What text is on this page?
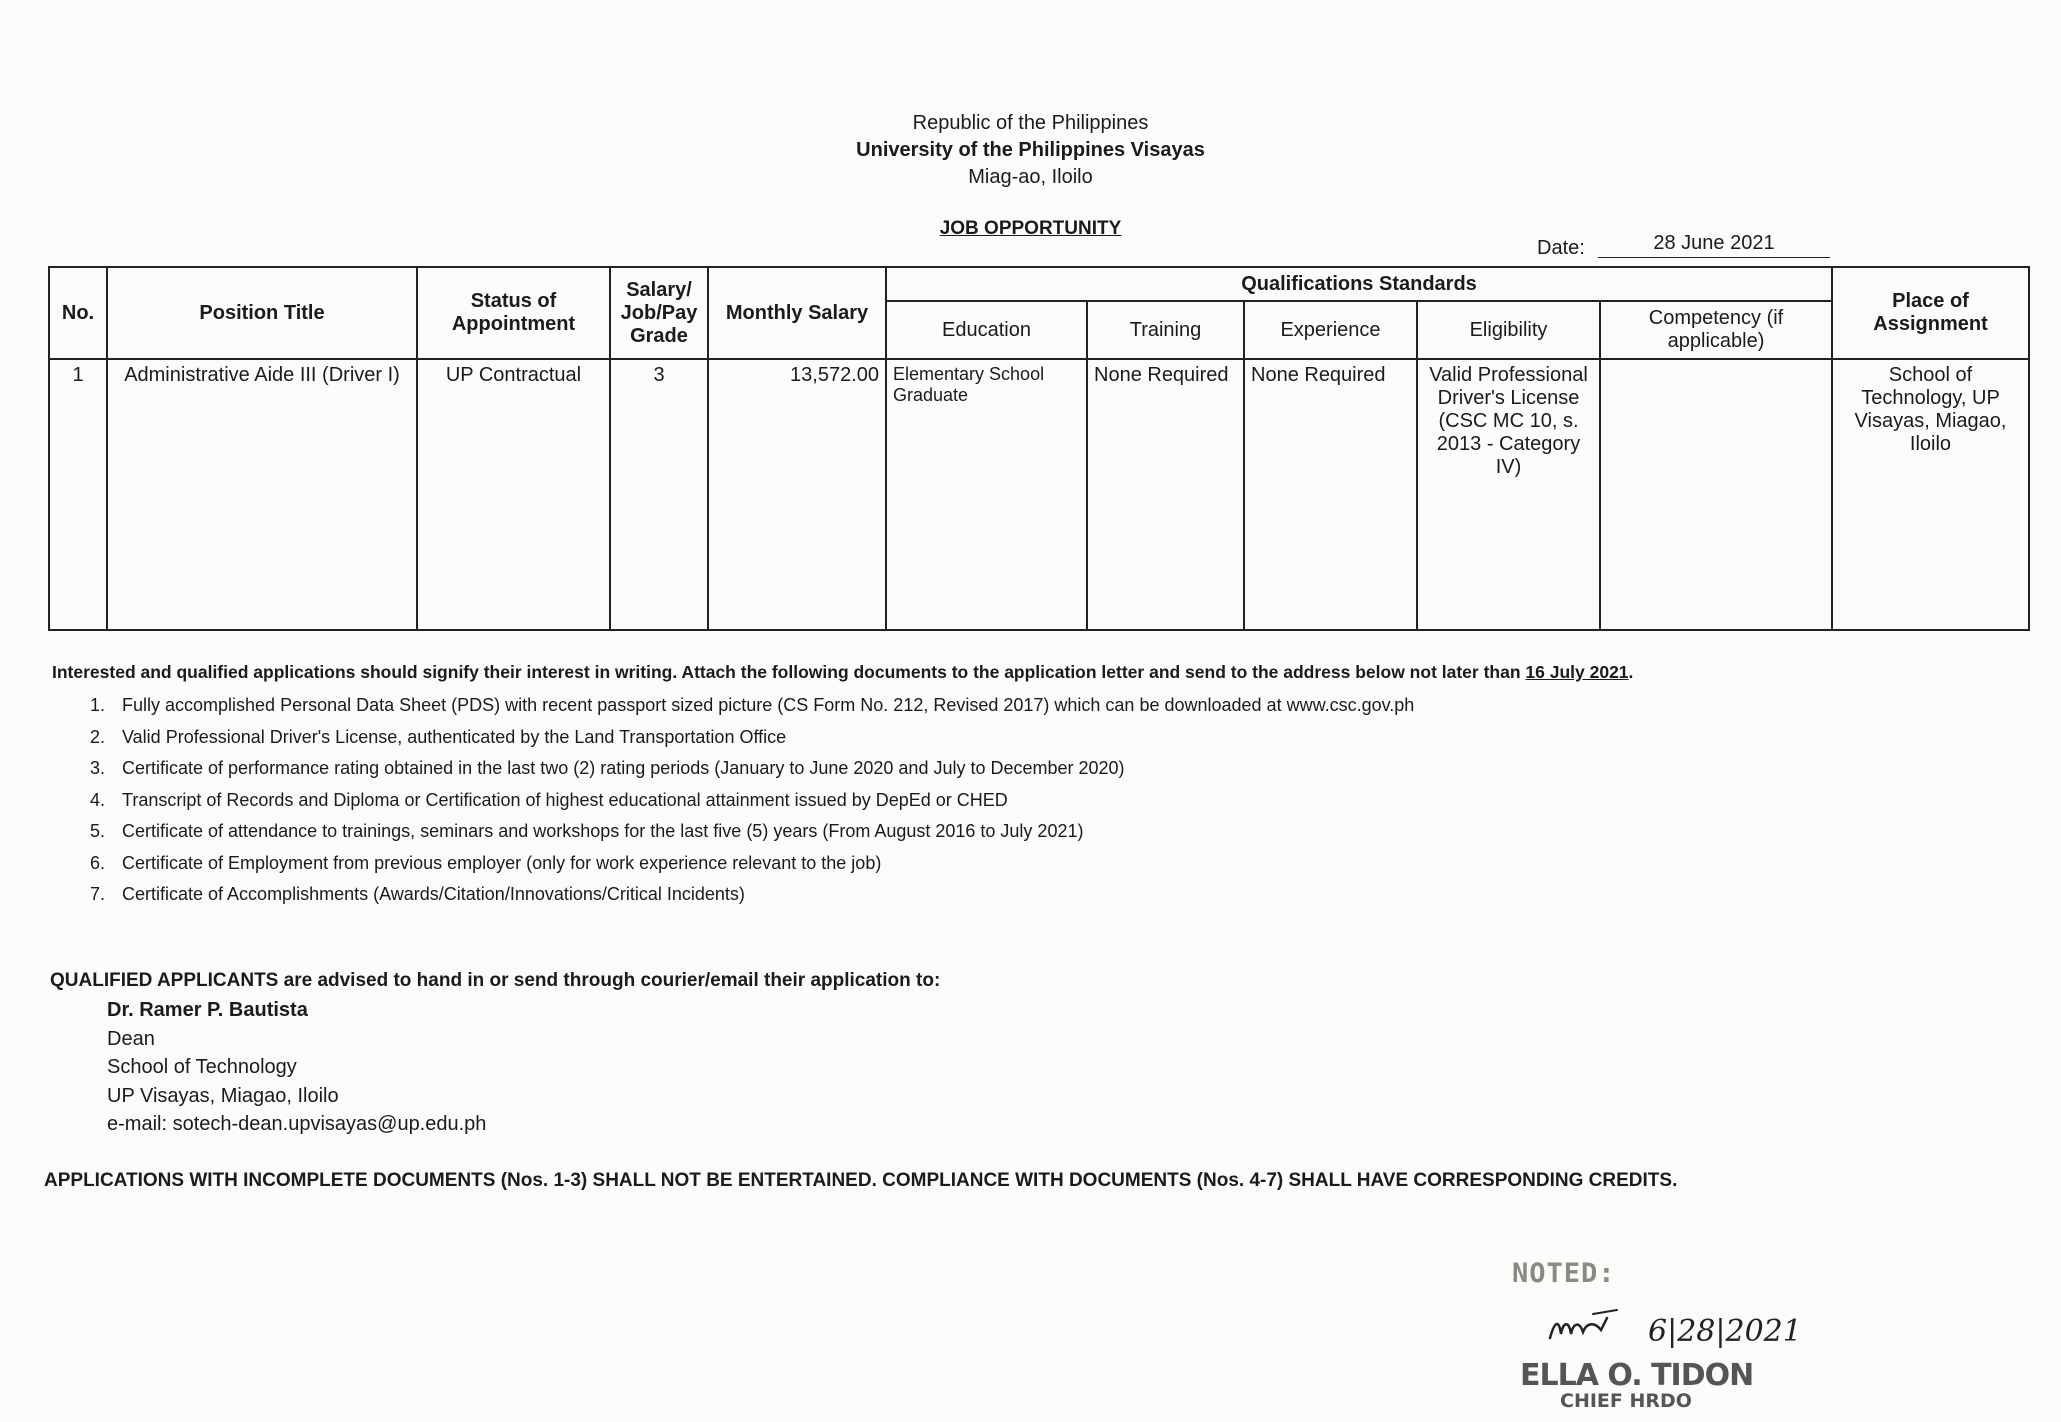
Republic of the Philippines
University of the Philippines Visayas
Miag-ao, Iloilo
JOB OPPORTUNITY
Date:	28 June 2021
No.	Position Title	Status of Appointment	Salary/ Job/Pay Grade	Monthly Salary	Qualifications Standards					Place of Assignment
					Education	Training	Experience	Eligibility	Competency (if applicable)	
1	Administrative Aide III (Driver I)	UP Contractual	3	13,572.00	Elementary School Graduate	None Required	None Required	Valid Professional Driver's License (CSC MC 10, s. 2013 - Category IV)		School of Technology, UP Visayas, Miagao, Iloilo
Interested and qualified applications should signify their interest in writing. Attach the following documents to the application letter and send to the address below not later than 16 July 2021.
1. Fully accomplished Personal Data Sheet (PDS) with recent passport sized picture (CS Form No. 212, Revised 2017) which can be downloaded at www.csc.gov.ph
2. Valid Professional Driver's License, authenticated by the Land Transportation Office
3. Certificate of performance rating obtained in the last two (2) rating periods (January to June 2020 and July to December 2020)
4. Transcript of Records and Diploma or Certification of highest educational attainment issued by DepEd or CHED
5. Certificate of attendance to trainings, seminars and workshops for the last five (5) years (From August 2016 to July 2021)
6. Certificate of Employment from previous employer (only for work experience relevant to the job)
7. Certificate of Accomplishments (Awards/Citation/Innovations/Critical Incidents)
QUALIFIED APPLICANTS are advised to hand in or send through courier/email their application to:
Dr. Ramer P. Bautista
Dean
School of Technology
UP Visayas, Miagao, Iloilo
e-mail: sotech-dean.upvisayas@up.edu.ph
APPLICATIONS WITH INCOMPLETE DOCUMENTS (Nos. 1-3) SHALL NOT BE ENTERTAINED. COMPLIANCE WITH DOCUMENTS (Nos. 4-7) SHALL HAVE CORRESPONDING CREDITS.
NOTED:
6|28|2021
ELLA O. TIDON
CHIEF HRDO
